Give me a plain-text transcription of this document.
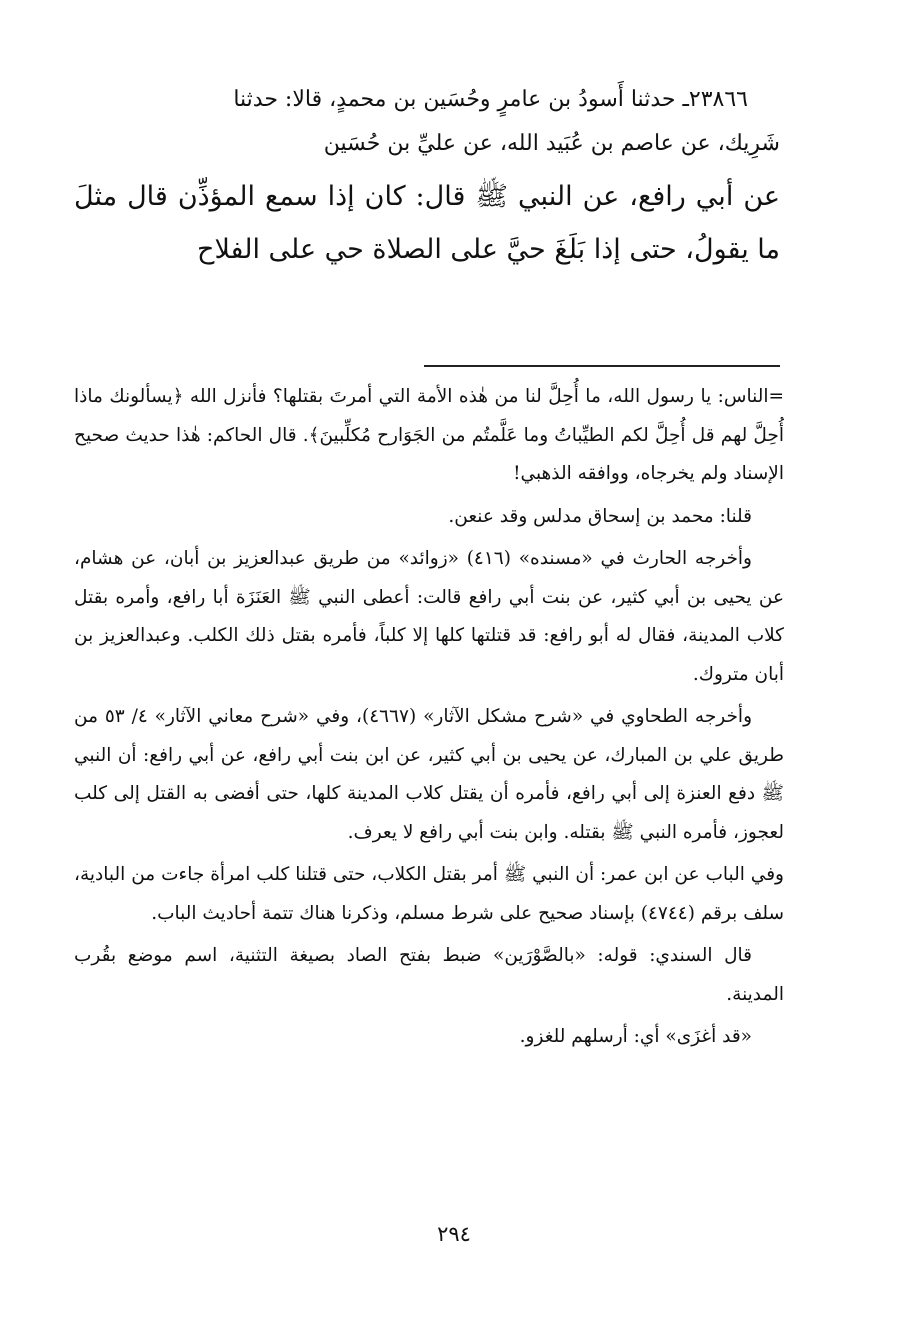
٢٣٨٦٦ـ حدثنا أَسودُ بن عامرٍ وحُسَين بن محمدٍ، قالا: حدثنا
شَرِيك، عن عاصم بن عُبَيد الله، عن عليِّ بن حُسَين

عن أبي رافع، عن النبي ﷺ قال: كان إذا سمع المؤذِّن قال مثلَ ما يقولُ، حتى إذا بَلَغَ حيَّ على الصلاة حي على الفلاح

=الناس: يا رسول الله، ما أُحِلَّ لنا من هٰذه الأمة التي أمرتَ بقتلها؟ فأنزل الله ﴿يسألونك ماذا أُحِلَّ لهم قل أُحِلَّ لكم الطيِّباتُ وما عَلَّمتُم من الجَوَارح مُكلِّبينَ﴾. قال الحاكم: هٰذا حديث صحيح الإسناد ولم يخرجاه، ووافقه الذهبي!

قلنا: محمد بن إسحاق مدلس وقد عنعن.

وأخرجه الحارث في «مسنده» (٤١٦) «زوائد» من طريق عبدالعزيز بن أبان، عن هشام، عن يحيى بن أبي كثير، عن بنت أبي رافع قالت: أعطى النبي ﷺ العَنَزَة أبا رافع، وأمره بقتل كلاب المدينة، فقال له أبو رافع: قد قتلتها كلها إلا كلباً، فأمره بقتل ذلك الكلب. وعبدالعزيز بن أبان متروك.

وأخرجه الطحاوي في «شرح مشكل الآثار» (٤٦٦٧)، وفي «شرح معاني الآثار» ٤/ ٥٣ من طريق علي بن المبارك، عن يحيى بن أبي كثير، عن ابن بنت أبي رافع، عن أبي رافع: أن النبي ﷺ دفع العنزة إلى أبي رافع، فأمره أن يقتل كلاب المدينة كلها، حتى أفضى به القتل إلى كلب لعجوز، فأمره النبي ﷺ بقتله. وابن بنت أبي رافع لا يعرف.

وفي الباب عن ابن عمر: أن النبي ﷺ أمر بقتل الكلاب، حتى قتلنا كلب امرأة جاءت من البادية، سلف برقم (٤٧٤٤) بإسناد صحيح على شرط مسلم، وذكرنا هناك تتمة أحاديث الباب.

قال السندي: قوله: «بالصَّوْرَين» ضبط بفتح الصاد بصيغة التثنية، اسم موضع بقُرب المدينة.

«قد أغزَى» أي: أرسلهم للغزو.

٢٩٤
